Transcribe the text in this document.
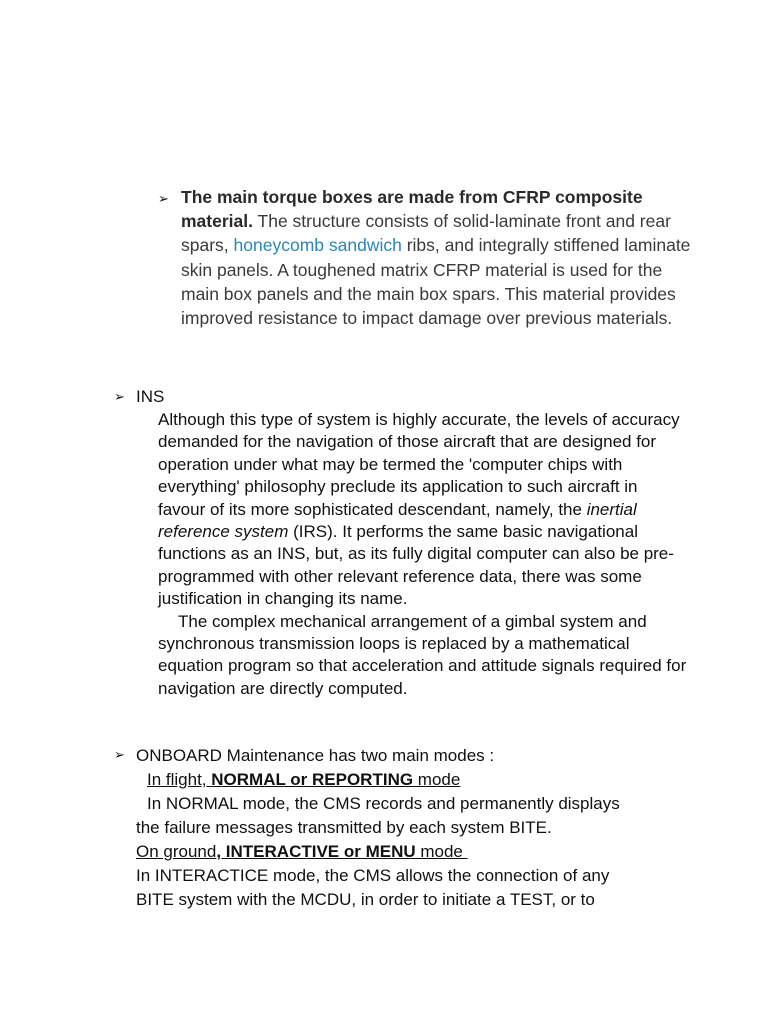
➢ The main torque boxes are made from CFRP composite material. The structure consists of solid-laminate front and rear spars, honeycomb sandwich ribs, and integrally stiffened laminate skin panels. A toughened matrix CFRP material is used for the main box panels and the main box spars. This material provides improved resistance to impact damage over previous materials.
➢ INS

Although this type of system is highly accurate, the levels of accuracy demanded for the navigation of those aircraft that are designed for operation under what may be termed the 'computer chips with everything' philosophy preclude its application to such aircraft in favour of its more sophisticated descendant, namely, the inertial reference system (IRS). It performs the same basic navigational functions as an INS, but, as its fully digital computer can also be pre-programmed with other relevant reference data, there was some justification in changing its name.

The complex mechanical arrangement of a gimbal system and synchronous transmission loops is replaced by a mathematical equation program so that acceleration and attitude signals required for navigation are directly computed.

➢ ONBOARD Maintenance has two main modes :
In flight, NORMAL or REPORTING mode
In NORMAL mode, the CMS records and permanently displays
the failure messages transmitted by each system BITE.
On ground, INTERACTIVE or MENU mode
In INTERACTICE mode, the CMS allows the connection of any
BITE system with the MCDU, in order to initiate a TEST, or to
